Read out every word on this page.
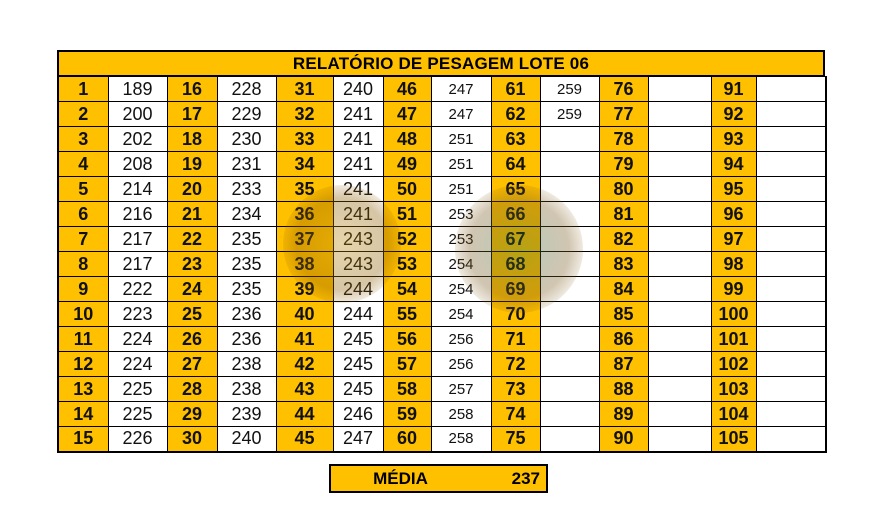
RELATÓRIO DE PESAGEM LOTE 06
1	189	16	228	31	240	46	247	61	259	76		91	
2	200	17	229	32	241	47	247	62	259	77		92	
3	202	18	230	33	241	48	251	63		78		93	
4	208	19	231	34	241	49	251	64		79		94	
5	214	20	233	35	241	50	251	65		80		95	
6	216	21	234	36	241	51	253	66		81		96	
7	217	22	235	37	243	52	253	67		82		97	
8	217	23	235	38	243	53	254	68		83		98	
9	222	24	235	39	244	54	254	69		84		99	
10	223	25	236	40	244	55	254	70		85		100	
11	224	26	236	41	245	56	256	71		86		101	
12	224	27	238	42	245	57	256	72		87		102	
13	225	28	238	43	245	58	257	73		88		103	
14	225	29	239	44	246	59	258	74		89		104	
15	226	30	240	45	247	60	258	75		90		105	
MÉDIA	237
